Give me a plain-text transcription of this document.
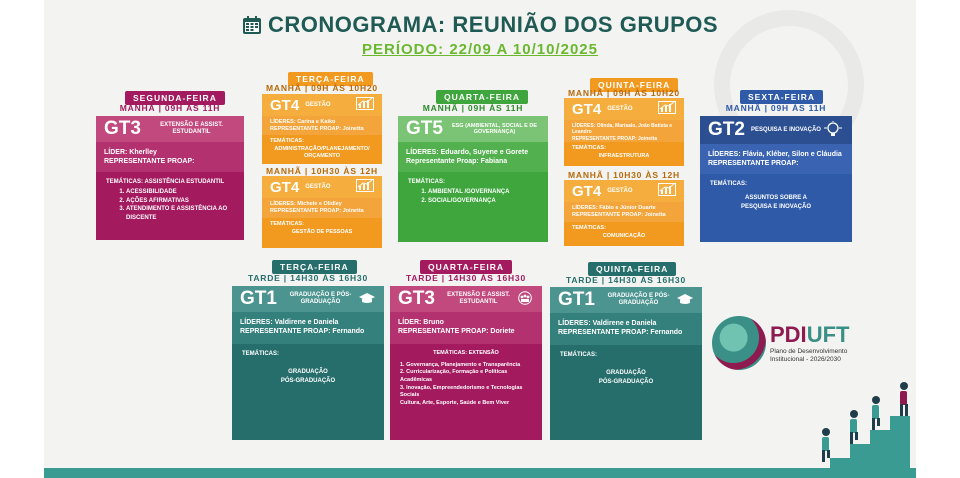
CRONOGRAMA: REUNIÃO DOS GRUPOS
PERÍODO: 22/09 A 10/10/2025
SEGUNDA-FEIRA
MANHÃ | 09H ÀS 11H
GT3	EXTENSÃO E ASSIST. ESTUDANTIL
LÍDER: Kherlley
REPRESENTANTE PROAP:
TEMÁTICAS: ASSISTÊNCIA ESTUDANTIL
1. ACESSIBILIDADE
2. AÇÕES AFIRMATIVAS
3. ATENDIMENTO E ASSISTÊNCIA AO DISCENTE
TERÇA-FEIRA
MANHÃ | 09H ÀS 10H20
GT4 GESTÃO
LÍDERES: Carina e Kaiko
REPRESENTANTE PROAP: Joinetta
TEMÁTICAS:
ADMINISTRAÇÃO/PLANEJAMENTO/ ORÇAMENTO
MANHÃ | 10H30 ÀS 12H
GT4 GESTÃO
LÍDERES: Michele e Olidley
REPRESENTANTE PROAP: Joinetta
TEMÁTICAS:
GESTÃO DE PESSOAS
QUARTA-FEIRA
MANHÃ | 09H ÀS 11H
GT5	ESG (AMBIENTAL, SOCIAL E DE GOVERNANÇA)
LÍDERES: Eduardo, Suyene e Gorete
Representante Proap: Fabiana
TEMÁTICAS:
1. AMBIENTAL /GOVERNANÇA
2. SOCIAL/GOVERNANÇA
QUINTA-FEIRA
MANHÃ | 09H ÀS 10H20
GT4 GESTÃO
LÍDERES: Olinda, Marisalo, João Batista e Leandro
REPRESENTANTE PROAP: Joinetta
TEMÁTICAS:
INFRAESTRUTURA
MANHÃ | 10H30 ÀS 12H
GT4 GESTÃO
LÍDERES: Fábio e Júnior Duarte
REPRESENTANTE PROAP: Joinetta
TEMÁTICAS:
COMUNICAÇÃO
SEXTA-FEIRA
MANHÃ | 09H ÀS 11H
GT2 PESQUISA E INOVAÇÃO
LÍDERES: Flávia, Kléber, Silon e Cláudia
REPRESENTANTE PROAP:
TEMÁTICAS:
ASSUNTOS SOBRE A PESQUISA E INOVAÇÃO
TERÇA-FEIRA
TARDE | 14H30 ÀS 16H30
GT1	GRADUAÇÃO E PÓS-GRADUAÇÃO
LÍDERES: Valdirene e Daniela
REPRESENTANTE PROAP: Fernando
TEMÁTICAS:
GRADUAÇÃO
PÓS-GRADUAÇÃO
QUARTA-FEIRA
TARDE | 14H30 ÀS 16H30
GT3	EXTENSÃO E ASSIST. ESTUDANTIL
LÍDER: Bruno
REPRESENTANTE PROAP: Doriete
TEMÁTICAS: EXTENSÃO
1. Governança, Planejamento e Transparência
2. Curricularização, Formação e Políticas Acadêmicas
3. Inovação, Empreendedorismo e Tecnologias Sociais
Cultura, Arte, Esporte, Saúde e Bem Viver
QUINTA-FEIRA
TARDE | 14H30 ÀS 16H30
GT1	GRADUAÇÃO E PÓS-GRADUAÇÃO
LÍDERES: Valdirene e Daniela
REPRESENTANTE PROAP: Fernando
TEMÁTICAS:
GRADUAÇÃO
PÓS-GRADUAÇÃO
PDIUFT
Plano de Desenvolvimento
Institucional - 2026/2030
